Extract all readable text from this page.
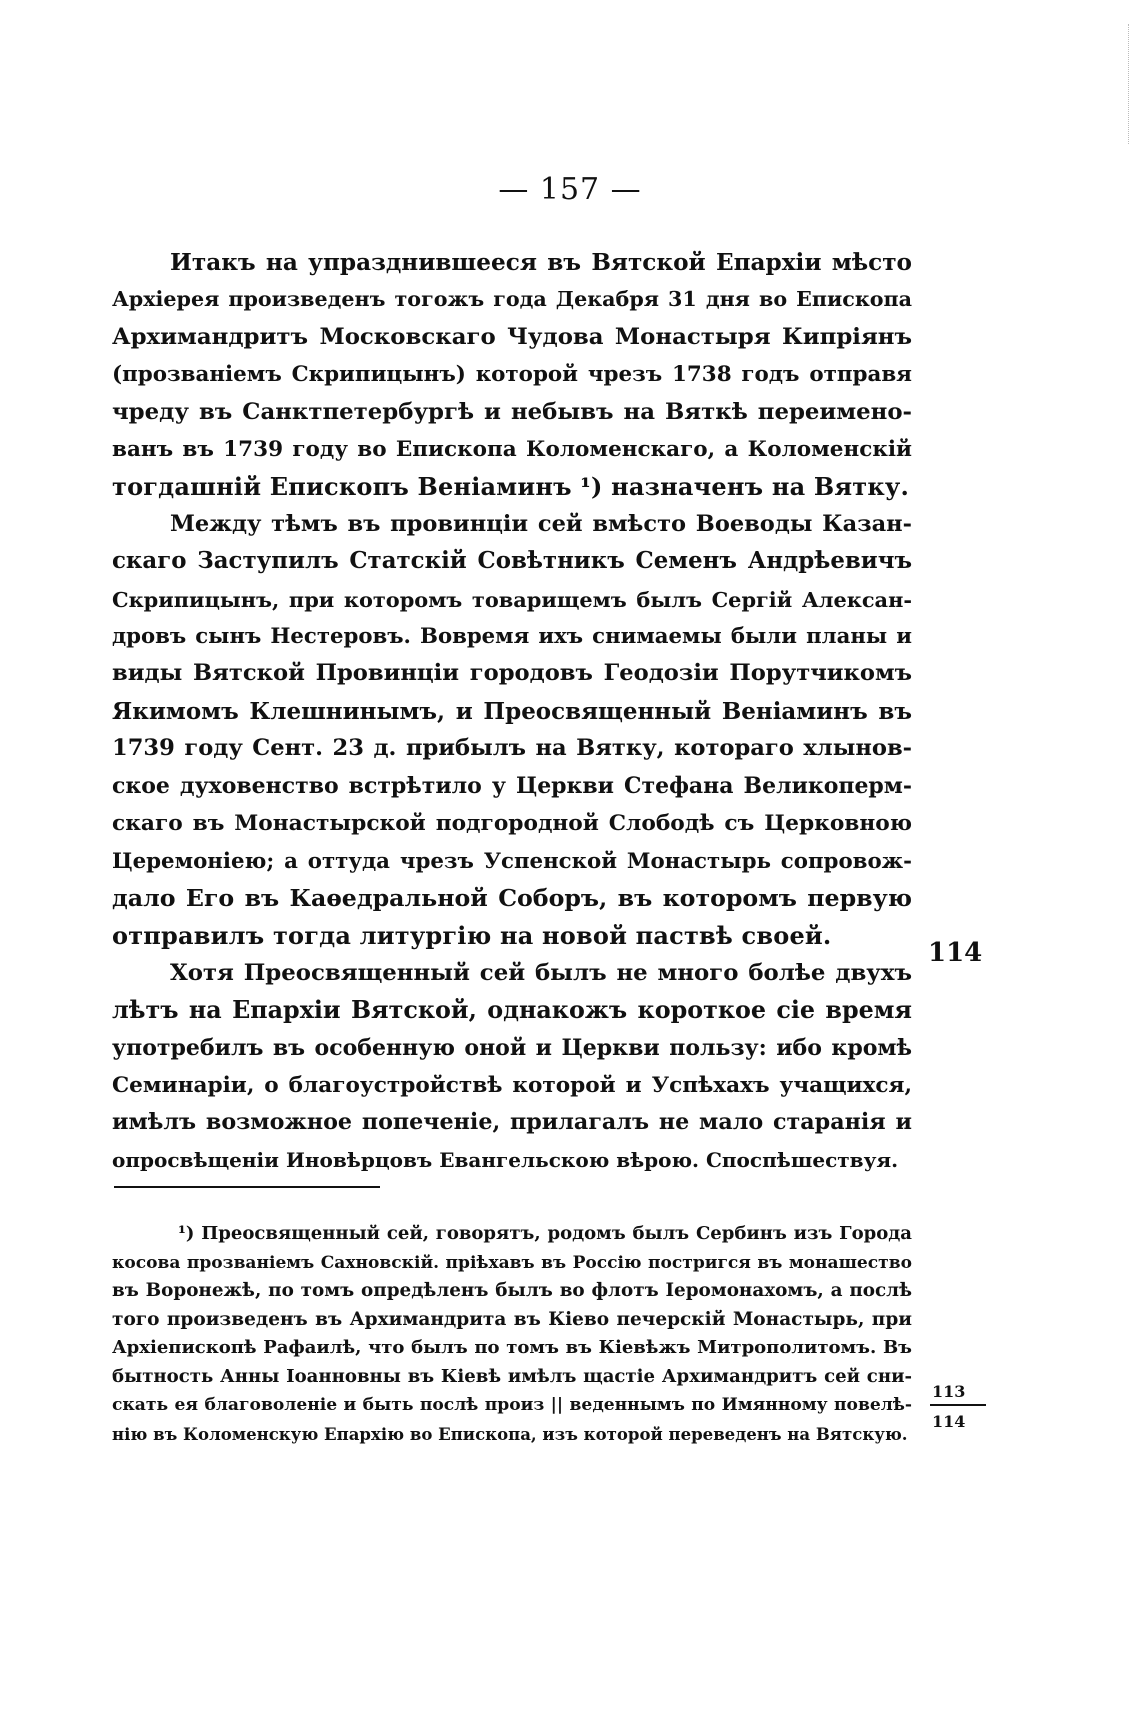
— 157 —

Итакъ на упразднившееся въ Вятской Епархіи мѣсто
Архіерея произведенъ тогожъ года Декабря 31 дня во Епископа
Архимандритъ Московскаго Чудова Монастыря Кипріянъ
(прозваніемъ Скрипицынъ) которой чрезъ 1738 годъ отправя
чреду въ Санктпетербургѣ и небывъ на Вяткѣ переимено-
ванъ въ 1739 году во Епископа Коломенскаго, а Коломенскій
тогдашній Епископъ Веніаминъ ¹) назначенъ на Вятку.

Между тѣмъ въ провинціи сей вмѣсто Воеводы Казан-
скаго Заступилъ Статскій Совѣтникъ Семенъ Андрѣевичъ
Скрипицынъ, при которомъ товарищемъ былъ Сергій Алексан-
дровъ сынъ Нестеровъ. Вовремя ихъ снимаемы были планы и
виды Вятской Провинціи городовъ Геодозіи Порутчикомъ
Якимомъ Клешнинымъ, и Преосвященный Веніаминъ въ
1739 году Сент. 23 д. прибылъ на Вятку, котораго хлынов-
ское духовенство встрѣтило у Церкви Стефана Великоперм-
скаго въ Монастырской подгородной Слободѣ съ Церковною
Церемоніею; а оттуда чрезъ Успенской Монастырь сопровож-
дало Его въ Каѳедральной Соборъ, въ которомъ первую
отправилъ тогда литургію на новой паствѣ своей.

Хотя Преосвященный сей былъ не много болѣе двухъ
лѣтъ на Епархіи Вятской, однакожъ короткое сіе время
употребилъ въ особенную оной и Церкви пользу: ибо кромѣ
Семинаріи, о благоустройствѣ которой и Успѣхахъ учащихся,
имѣлъ возможное попеченіе, прилагалъ не мало старанія и
опросвѣщеніи Иновѣрцовъ Евангельскою вѣрою. Споспѣшествуя.

114
¹) Преосвященный сей, говорятъ, родомъ былъ Сербинъ изъ Города
косова прозваніемъ Сахновскій. пріѣхавъ въ Россію постригся въ монашество
въ Воронежѣ, по томъ опредѣленъ былъ во флотъ Іеромонахомъ, а послѣ
того произведенъ въ Архимандрита въ Кіево печерскій Монастырь, при
Архіепископѣ Рафаилѣ, что былъ по томъ въ Кіевѣжъ Митрополитомъ. Въ
бытность Анны Іоанновны въ Кіевѣ имѣлъ щастіе Архимандритъ сей сни-
скать ея благоволеніе и быть послѣ произ || веденнымъ по Имянному повелѣ-
нію въ Коломенскую Епархію во Епископа, изъ которой переведенъ на Вятскую.
113
114
